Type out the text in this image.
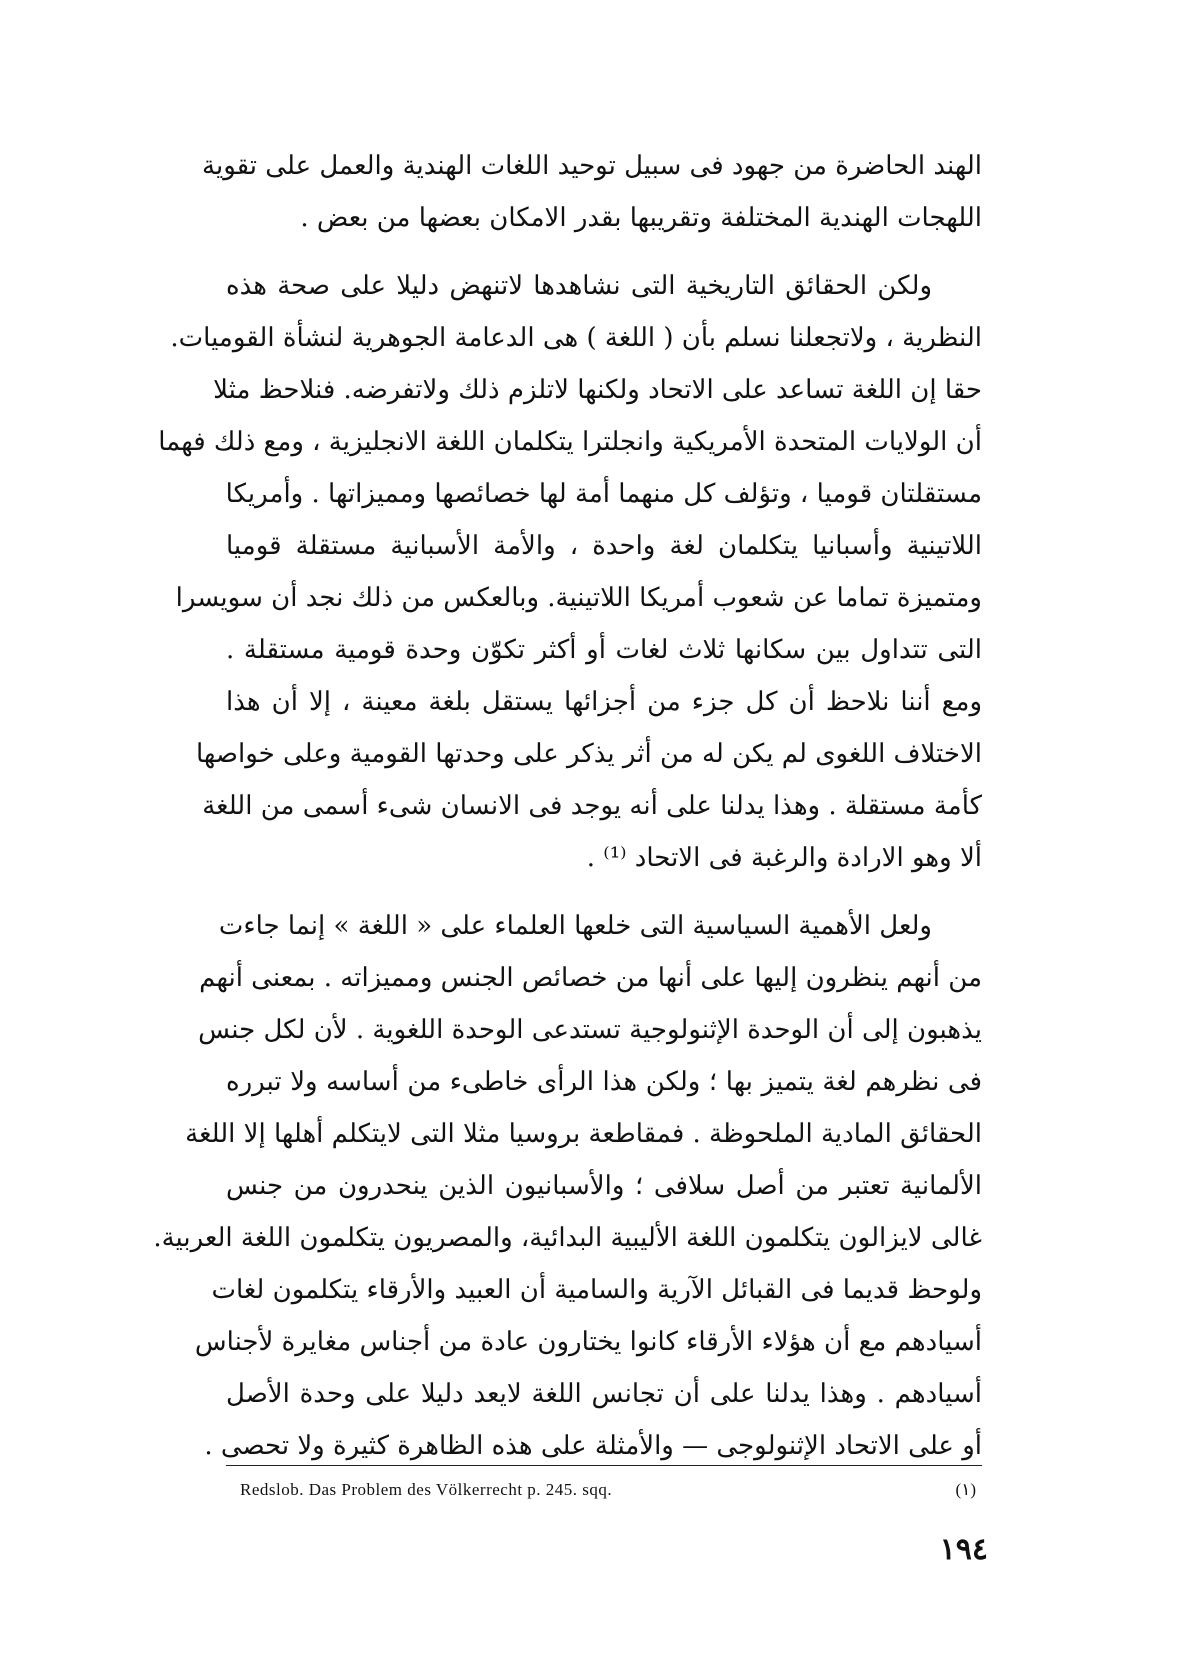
الهند الحاضرة من جهود فى سبيل توحيد اللغات الهندية والعمل على تقوية
اللهجات الهندية المختلفة وتقريبها بقدر الامكان بعضها من بعض .
ولكن الحقائق التاريخية التى نشاهدها لاتنهض دليلا على صحة هذه
النظرية ، ولاتجعلنا نسلم بأن ( اللغة ) هى الدعامة الجوهرية لنشأة القوميات.
حقا إن اللغة تساعد على الاتحاد ولكنها لاتلزم ذلك ولاتفرضه. فنلاحظ مثلا
أن الولايات المتحدة الأمريكية وانجلترا يتكلمان اللغة الانجليزية ، ومع ذلك فهما
مستقلتان قوميا ، وتؤلف كل منهما أمة لها خصائصها ومميزاتها . وأمريكا
اللاتينية وأسبانيا يتكلمان لغة واحدة ، والأمة الأسبانية مستقلة قوميا
ومتميزة تماما عن شعوب أمريكا اللاتينية. وبالعكس من ذلك نجد أن سويسرا
التى تتداول بين سكانها ثلاث لغات أو أكثر تكوّن وحدة قومية مستقلة .
ومع أننا نلاحظ أن كل جزء من أجزائها يستقل بلغة معينة ، إلا أن هذا
الاختلاف اللغوى لم يكن له من أثر يذكر على وحدتها القومية وعلى خواصها
كأمة مستقلة . وهذا يدلنا على أنه يوجد فى الانسان شىء أسمى من اللغة
ألا وهو الارادة والرغبة فى الاتحاد ⁽¹⁾ .
ولعل الأهمية السياسية التى خلعها العلماء على « اللغة » إنما جاءت
من أنهم ينظرون إليها على أنها من خصائص الجنس ومميزاته . بمعنى أنهم
يذهبون إلى أن الوحدة الإثنولوجية تستدعى الوحدة اللغوية . لأن لكل جنس
فى نظرهم لغة يتميز بها ؛ ولكن هذا الرأى خاطىء من أساسه ولا تبرره
الحقائق المادية الملحوظة . فمقاطعة بروسيا مثلا التى لايتكلم أهلها إلا اللغة
الألمانية تعتبر من أصل سلافى ؛ والأسبانيون الذين ينحدرون من جنس
غالى لايزالون يتكلمون اللغة الأليبية البدائية، والمصريون يتكلمون اللغة العربية.
ولوحظ قديما فى القبائل الآرية والسامية أن العبيد والأرقاء يتكلمون لغات
أسيادهم مع أن هؤلاء الأرقاء كانوا يختارون عادة من أجناس مغايرة لأجناس
أسيادهم . وهذا يدلنا على أن تجانس اللغة لايعد دليلا على وحدة الأصل
أو على الاتحاد الإثنولوجى — والأمثلة على هذه الظاهرة كثيرة ولا تحصى .
Redslob. Das Problem des Völkerrecht p. 245. sqq.	(١)
١٩٤
